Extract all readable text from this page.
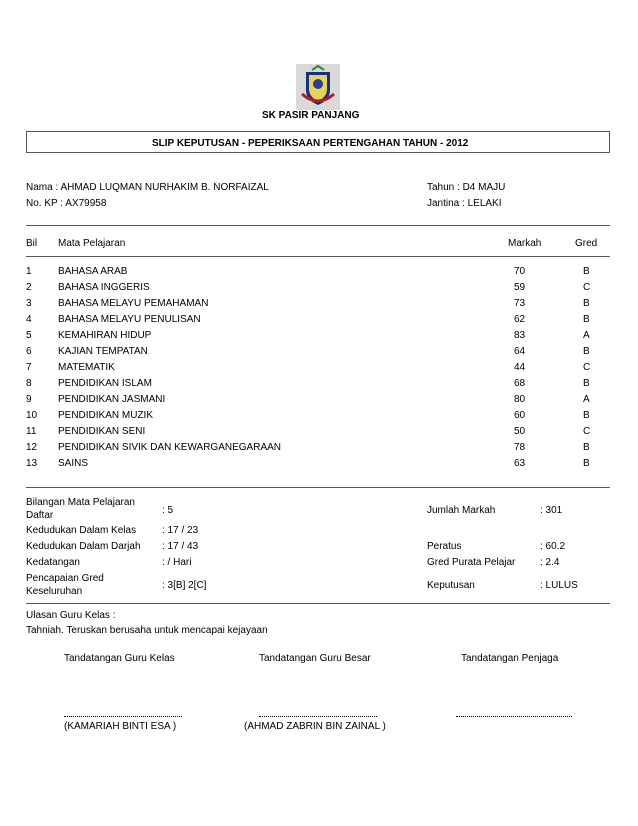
SK PASIR PANJANG
SLIP KEPUTUSAN - PEPERIKSAAN PERTENGAHAN TAHUN - 2012
Nama : AHMAD LUQMAN NURHAKIM B. NORFAIZAL
No. KP : AX79958
Tahun : D4 MAJU
Jantina : LELAKI
Bil Mata Pelajaran	Markah	Gred
1	BAHASA ARAB	70	B
2	BAHASA INGGERIS	59	C
3	BAHASA MELAYU PEMAHAMAN	73	B
4	BAHASA MELAYU PENULISAN	62	B
5	KEMAHIRAN HIDUP	83	A
6	KAJIAN TEMPATAN	64	B
7	MATEMATIK	44	C
8	PENDIDIKAN ISLAM	68	B
9	PENDIDIKAN JASMANI	80	A
10 PENDIDIKAN MUZIK	60	B
11 PENDIDIKAN SENI	50	C
12 PENDIDIKAN SIVIK DAN KEWARGANEGARAAN	78	B
13 SAINS	63	B
Bilangan Mata Pelajaran
Daftar	: 5	Jumlah Markah	: 301
Kedudukan Dalam Kelas	: 17 / 23
Kedudukan Dalam Darjah : 17 / 43	Peratus	: 60.2
Kedatangan	: / Hari	Gred Purata Pelajar : 2.4
Pencapaian Gred
Keseluruhan
: 3[B] 2[C]	Keputusan	: LULUS
Ulasan Guru Kelas :
Tahniah. Teruskan berusaha untuk mencapai kejayaan
Tandatangan Guru Kelas	Tandatangan Guru Besar	Tandatangan Penjaga
(KAMARIAH BINTI ESA )	(AHMAD ZABRIN BIN ZAINAL )
